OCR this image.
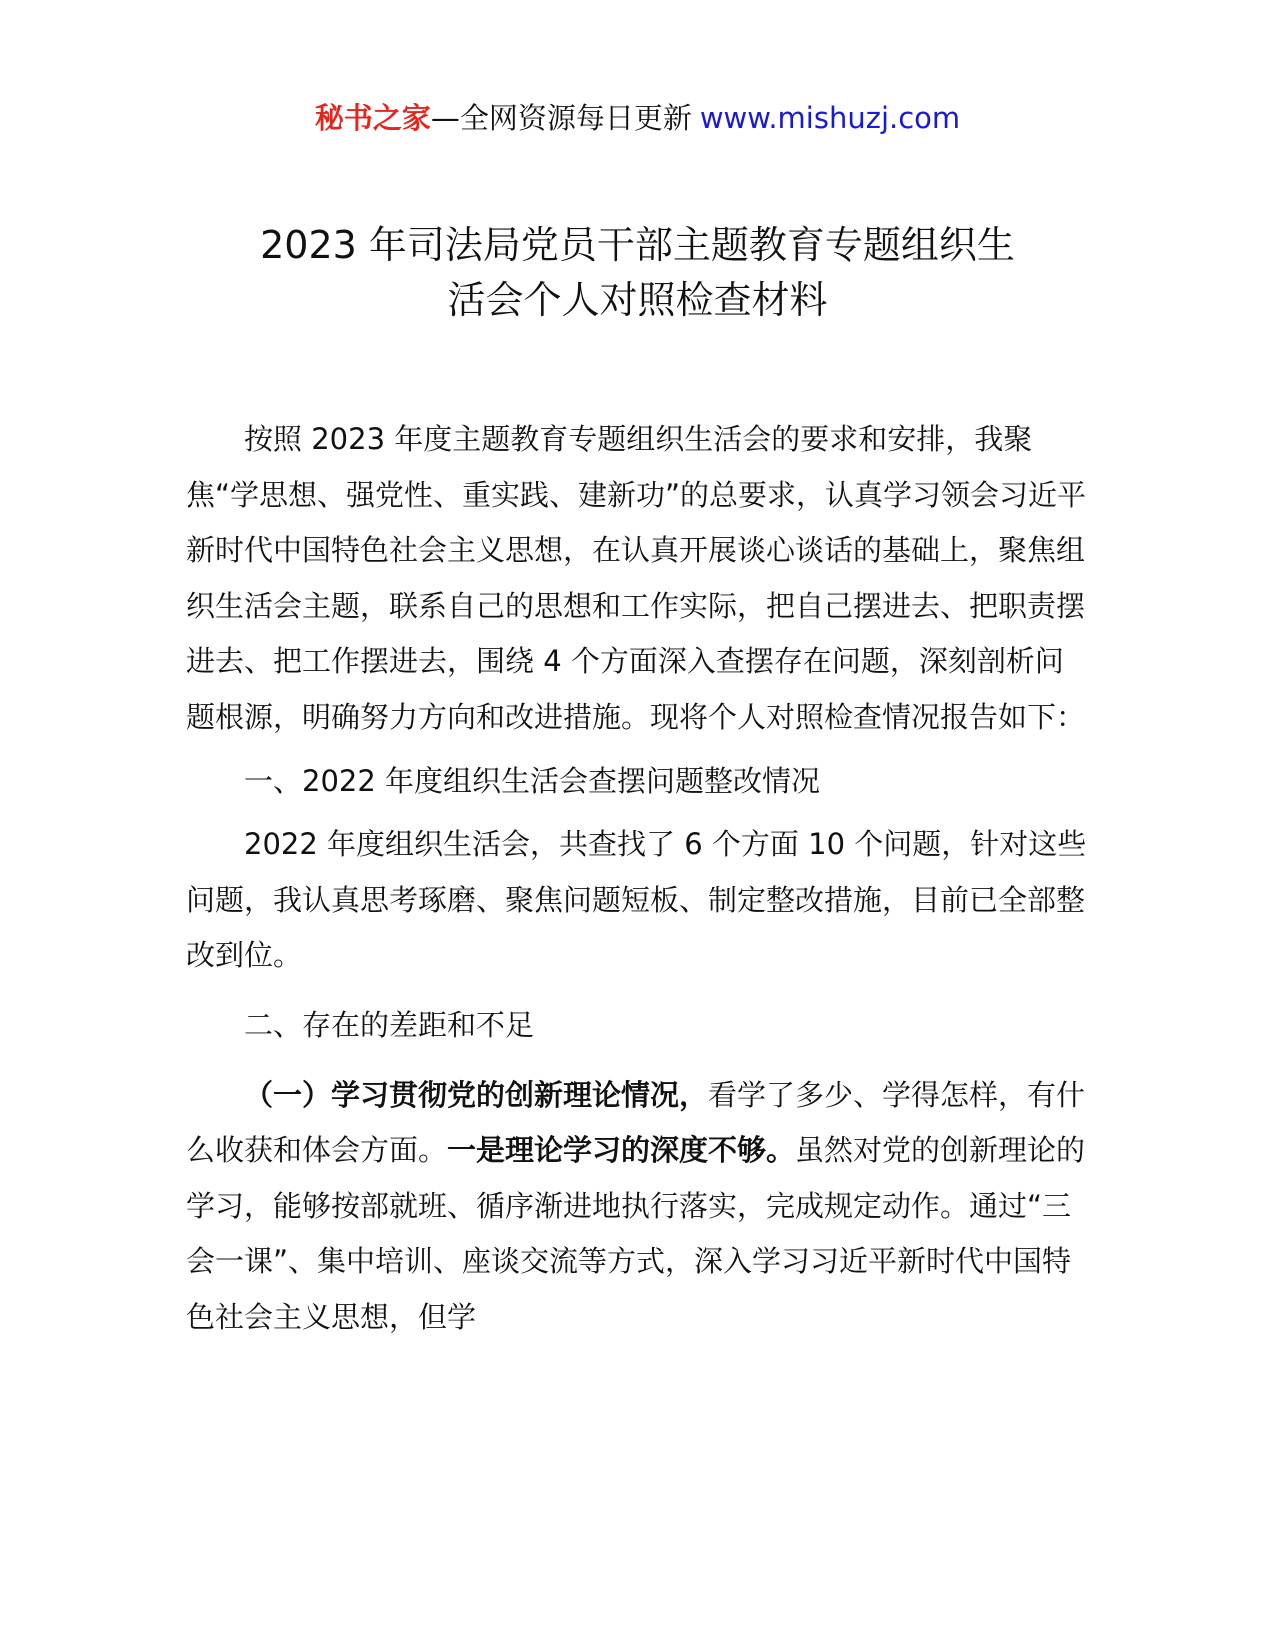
秘书之家—全网资源每日更新 www.mishuzj.com
2023 年司法局党员干部主题教育专题组织生
活会个人对照检查材料

按照 2023 年度主题教育专题组织生活会的要求和安排，我聚焦“学思想、强党性、重实践、建新功”的总要求，认真学习领会习近平新时代中国特色社会主义思想，在认真开展谈心谈话的基础上，聚焦组织生活会主题，联系自己的思想和工作实际，把自己摆进去、把职责摆进去、把工作摆进去，围绕 4 个方面深入查摆存在问题，深刻剖析问题根源，明确努力方向和改进措施。现将个人对照检查情况报告如下：

一、2022 年度组织生活会查摆问题整改情况

2022 年度组织生活会，共查找了 6 个方面 10 个问题，针对这些问题，我认真思考琢磨、聚焦问题短板、制定整改措施，目前已全部整改到位。

二、存在的差距和不足

（一）学习贯彻党的创新理论情况，看学了多少、学得怎样，有什么收获和体会方面。一是理论学习的深度不够。虽然对党的创新理论的学习，能够按部就班、循序渐进地执行落实，完成规定动作。通过“三会一课”、集中培训、座谈交流等方式，深入学习习近平新时代中国特色社会主义思想，但学
